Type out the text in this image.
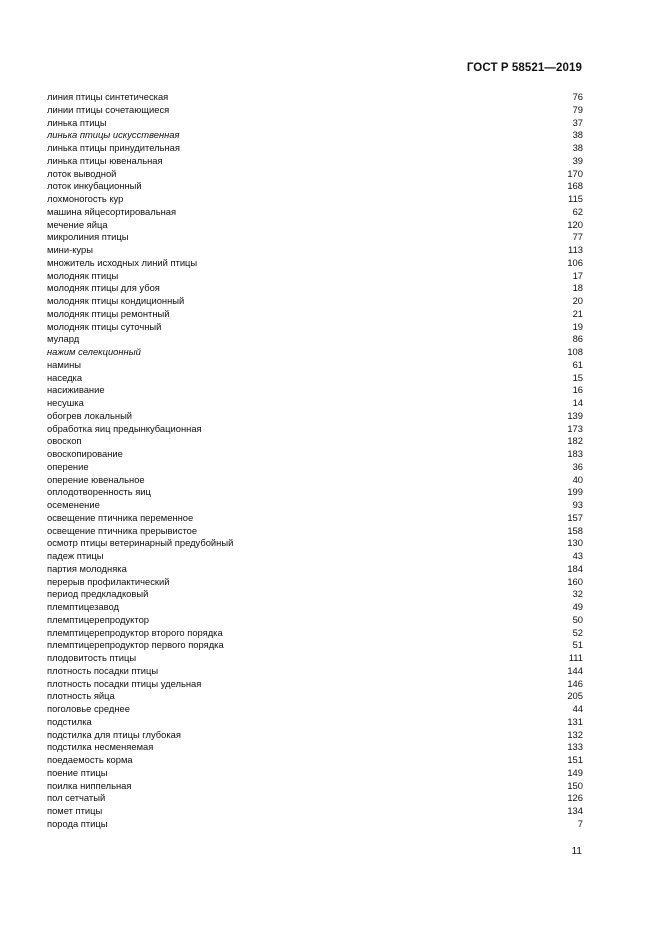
ГОСТ Р 58521—2019
линия птицы синтетическая	76
линии птицы сочетающиеся	79
линька птицы	37
линька птицы искусственная	38
линька птицы принудительная	38
линька птицы ювенальная	39
лоток выводной	170
лоток инкубационный	168
лохмоногость кур	115
машина яйцесортировальная	62
мечение яйца	120
микролиния птицы	77
мини-куры	113
множитель исходных линий птицы	106
молодняк птицы	17
молодняк птицы для убоя	18
молодняк птицы кондиционный	20
молодняк птицы ремонтный	21
молодняк птицы суточный	19
мулард	86
нажим селекционный	108
намины	61
наседка	15
насиживание	16
несушка	14
обогрев локальный	139
обработка яиц предынкубационная	173
овоскоп	182
овоскопирование	183
оперение	36
оперение ювенальное	40
оплодотворенность яиц	199
осеменение	93
освещение птичника переменное	157
освещение птичника прерывистое	158
осмотр птицы ветеринарный предубойный	130
падеж птицы	43
партия молодняка	184
перерыв профилактический	160
период предкладковый	32
племптицезавод	49
племптицерепродуктор	50
племптицерепродуктор второго порядка	52
племптицерепродуктор первого порядка	51
плодовитость птицы	111
плотность посадки птицы	144
плотность посадки птицы удельная	146
плотность яйца	205
поголовье среднее	44
подстилка	131
подстилка для птицы глубокая	132
подстилка несменяемая	133
поедаемость корма	151
поение птицы	149
поилка ниппельная	150
пол сетчатый	126
помет птицы	134
порода птицы	7
11
